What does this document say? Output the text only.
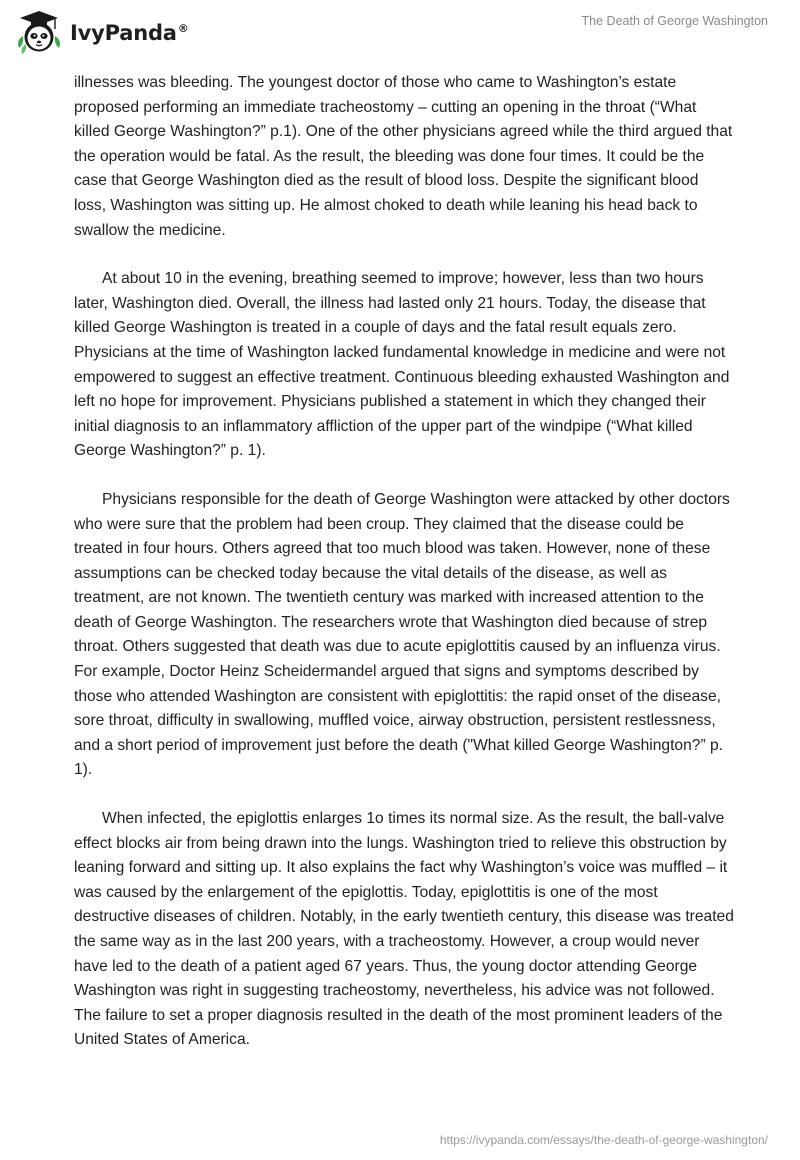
IvyPanda®
The Death of George Washington

illnesses was bleeding. The youngest doctor of those who came to Washington’s estate proposed performing an immediate tracheostomy – cutting an opening in the throat (“What killed George Washington?” p.1). One of the other physicians agreed while the third argued that the operation would be fatal. As the result, the bleeding was done four times. It could be the case that George Washington died as the result of blood loss. Despite the significant blood loss, Washington was sitting up. He almost choked to death while leaning his head back to swallow the medicine.

At about 10 in the evening, breathing seemed to improve; however, less than two hours later, Washington died. Overall, the illness had lasted only 21 hours. Today, the disease that killed George Washington is treated in a couple of days and the fatal result equals zero. Physicians at the time of Washington lacked fundamental knowledge in medicine and were not empowered to suggest an effective treatment. Continuous bleeding exhausted Washington and left no hope for improvement. Physicians published a statement in which they changed their initial diagnosis to an inflammatory affliction of the upper part of the windpipe (“What killed George Washington?” p. 1).

Physicians responsible for the death of George Washington were attacked by other doctors who were sure that the problem had been croup. They claimed that the disease could be treated in four hours. Others agreed that too much blood was taken. However, none of these assumptions can be checked today because the vital details of the disease, as well as treatment, are not known. The twentieth century was marked with increased attention to the death of George Washington. The researchers wrote that Washington died because of strep throat. Others suggested that death was due to acute epiglottitis caused by an influenza virus. For example, Doctor Heinz Scheidermandel argued that signs and symptoms described by those who attended Washington are consistent with epiglottitis: the rapid onset of the disease, sore throat, difficulty in swallowing, muffled voice, airway obstruction, persistent restlessness, and a short period of improvement just before the death ("What killed George Washington?” p. 1).

When infected, the epiglottis enlarges 1o times its normal size. As the result, the ball-valve effect blocks air from being drawn into the lungs. Washington tried to relieve this obstruction by leaning forward and sitting up. It also explains the fact why Washington’s voice was muffled – it was caused by the enlargement of the epiglottis. Today, epiglottitis is one of the most destructive diseases of children. Notably, in the early twentieth century, this disease was treated the same way as in the last 200 years, with a tracheostomy. However, a croup would never have led to the death of a patient aged 67 years. Thus, the young doctor attending George Washington was right in suggesting tracheostomy, nevertheless, his advice was not followed. The failure to set a proper diagnosis resulted in the death of the most prominent leaders of the United States of America.

https://ivypanda.com/essays/the-death-of-george-washington/
